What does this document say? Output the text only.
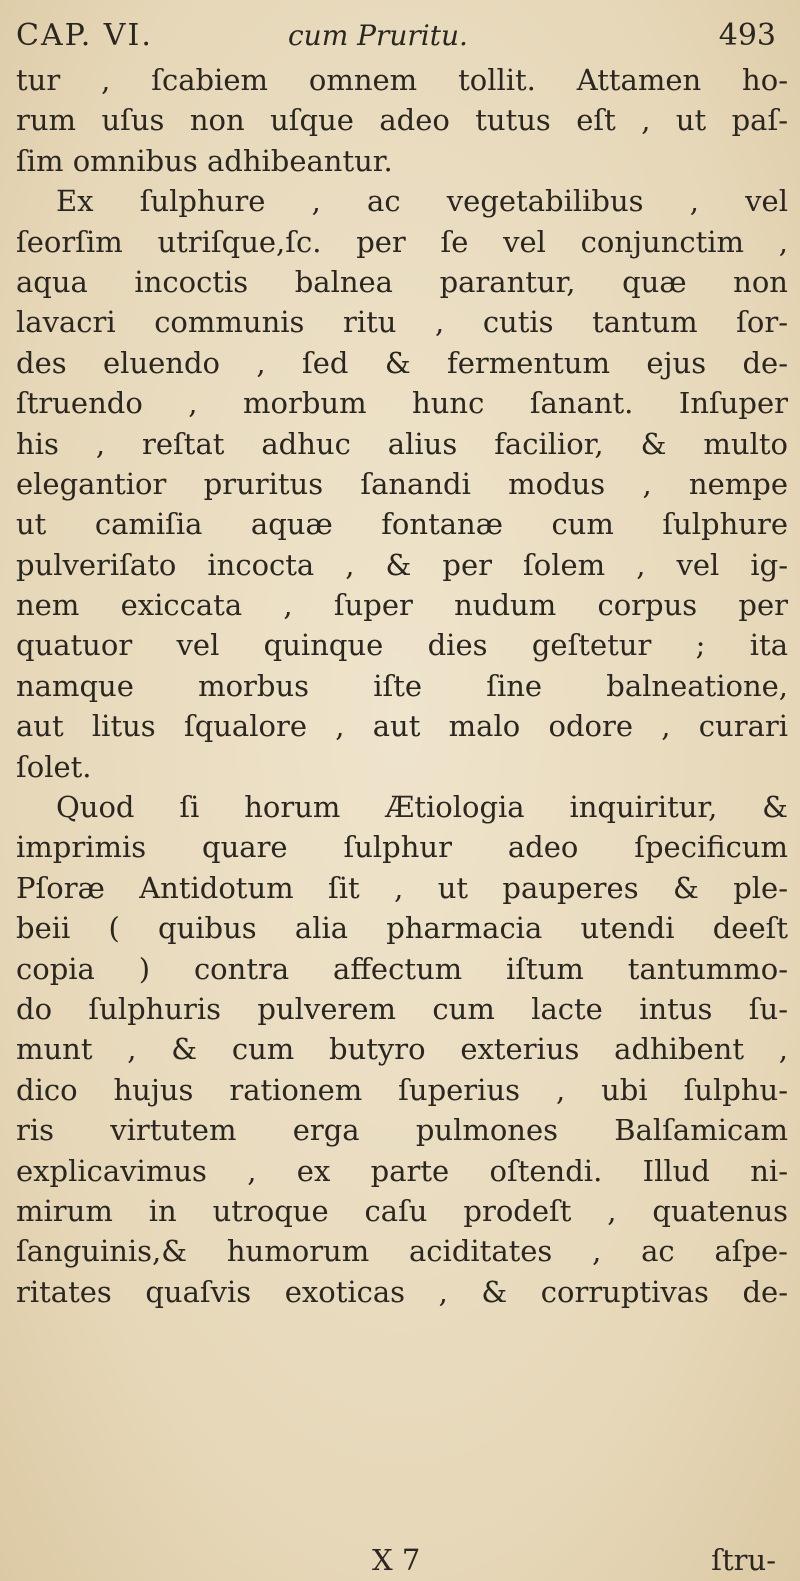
CAP. VI.	cum Pruritu.	493
tur , ſcabiem omnem tollit. Attamen ho-
rum uſus non uſque adeo tutus eſt , ut paſ-
ſim omnibus adhibeantur.
Ex ſulphure , ac vegetabilibus , vel
ſeorſim utriſque,ſc. per ſe vel conjunctim ,
aqua incoctis balnea parantur, quæ non
lavacri communis ritu , cutis tantum ſor-
des eluendo , ſed & fermentum ejus de-
ſtruendo , morbum hunc ſanant. Inſuper
his , reſtat adhuc alius facilior, & multo
elegantior pruritus ſanandi modus , nempe
ut camiſia aquæ fontanæ cum ſulphure
pulveriſato incocta , & per ſolem , vel ig-
nem exiccata , ſuper nudum corpus per
quatuor vel quinque dies geſtetur ; ita
namque morbus iſte ſine balneatione,
aut litus ſqualore , aut malo odore , curari
ſolet.
Quod ſi horum Ætiologia inquiritur, &
imprimis quare ſulphur adeo ſpecificum
Pſoræ Antidotum ſit , ut pauperes & ple-
beii ( quibus alia pharmacia utendi deeſt
copia ) contra affectum iſtum tantummo-
do ſulphuris pulverem cum lacte intus ſu-
munt , & cum butyro exterius adhibent ,
dico hujus rationem ſuperius , ubi ſulphu-
ris virtutem erga pulmones Balſamicam
explicavimus , ex parte oſtendi. Illud ni-
mirum in utroque caſu prodeſt , quatenus
ſanguinis,& humorum aciditates , ac aſpe-
ritates quaſvis exoticas , & corruptivas de-
X 7	ſtru-
